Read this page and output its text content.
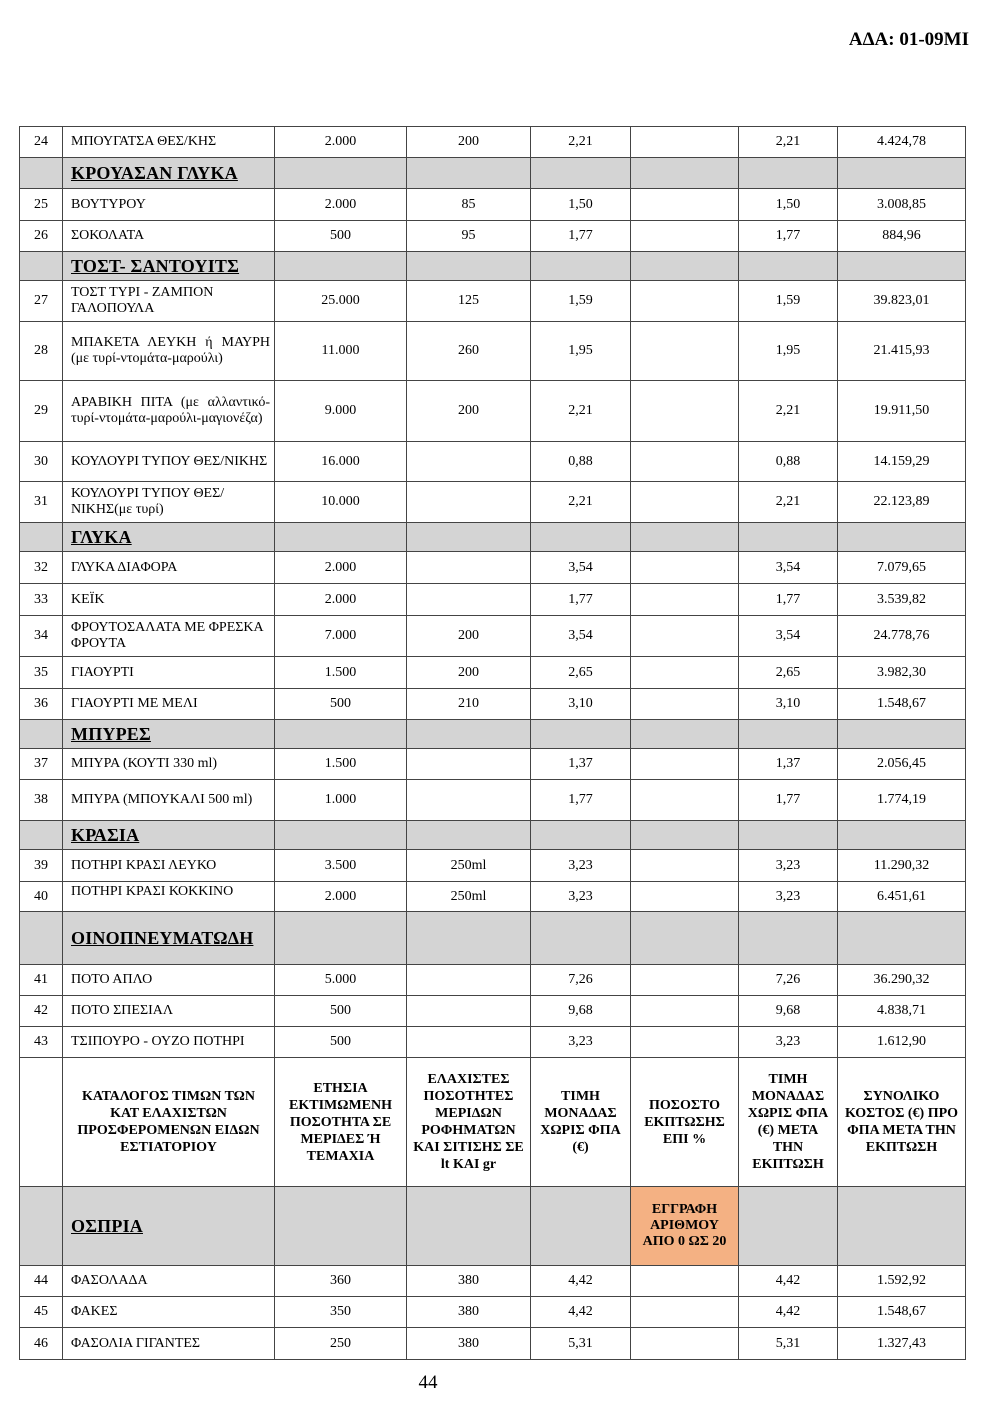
ΑΔΑ: 01-09ΜΙ
24	ΜΠΟΥΓΑΤΣΑ ΘΕΣ/ΚΗΣ	2.000	200	2,21		2,21	4.424,78
	ΚΡΟΥΑΣΑΝ ΓΛΥΚΑ						
25	ΒΟΥΤΥΡΟΥ	2.000	85	1,50		1,50	3.008,85
26	ΣΟΚΟΛΑΤΑ	500	95	1,77		1,77	884,96
	ΤΟΣΤ- ΣΑΝΤΟΥΙΤΣ						
27	ΤΟΣΤ ΤΥΡΙ - ΖΑΜΠΟΝ ΓΑΛΟΠΟΥΛΑ	25.000	125	1,59		1,59	39.823,01
28	ΜΠΑΚΕΤΑ ΛΕΥΚΗ ή ΜΑΥΡΗ (με τυρί-ντομάτα-μαρούλι)	11.000	260	1,95		1,95	21.415,93
29	ΑΡΑΒΙΚΗ ΠΙΤΑ (με αλλαντικό-τυρί-ντομάτα-μαρούλι-μαγιονέζα)	9.000	200	2,21		2,21	19.911,50
30	ΚΟΥΛΟΥΡΙ ΤΥΠΟΥ ΘΕΣ/ΝΙΚΗΣ	16.000		0,88		0,88	14.159,29
31	ΚΟΥΛΟΥΡΙ ΤΥΠΟΥ ΘΕΣ/ΝΙΚΗΣ(με τυρί)	10.000		2,21		2,21	22.123,89
	ΓΛΥΚΑ						
32	ΓΛΥΚΑ ΔΙΑΦΟΡΑ	2.000		3,54		3,54	7.079,65
33	ΚΕΪΚ	2.000		1,77		1,77	3.539,82
34	ΦΡΟΥΤΟΣΑΛΑΤΑ ΜΕ ΦΡΕΣΚΑ ΦΡΟΥΤΑ	7.000	200	3,54		3,54	24.778,76
35	ΓΙΑΟΥΡΤΙ	1.500	200	2,65		2,65	3.982,30
36	ΓΙΑΟΥΡΤΙ ΜΕ ΜΕΛΙ	500	210	3,10		3,10	1.548,67
	ΜΠΥΡΕΣ						
37	ΜΠΥΡΑ (ΚΟΥΤΙ 330 ml)	1.500		1,37		1,37	2.056,45
38	ΜΠΥΡΑ (ΜΠΟΥΚΑΛΙ 500 ml)	1.000		1,77		1,77	1.774,19
	ΚΡΑΣΙΑ						
39	ΠΟΤΗΡΙ ΚΡΑΣΙ ΛΕΥΚΟ	3.500	250ml	3,23		3,23	11.290,32
40	ΠΟΤΗΡΙ ΚΡΑΣΙ ΚΟΚΚΙΝΟ	2.000	250ml	3,23		3,23	6.451,61
	ΟΙΝΟΠΝΕΥΜΑΤΩΔΗ						
41	ΠΟΤΟ ΑΠΛΟ	5.000		7,26		7,26	36.290,32
42	ΠΟΤΟ ΣΠΕΣΙΑΛ	500		9,68		9,68	4.838,71
43	ΤΣΙΠΟΥΡΟ - ΟΥΖΟ ΠΟΤΗΡΙ	500		3,23		3,23	1.612,90
	ΚΑΤΑΛΟΓΟΣ ΤΙΜΩΝ ΤΩΝ ΚΑΤ ΕΛΑΧΙΣΤΩΝ ΠΡΟΣΦΕΡΟΜΕΝΩΝ ΕΙΔΩΝ ΕΣΤΙΑΤΟΡΙΟΥ	ΕΤΗΣΙΑ ΕΚΤΙΜΩΜΕΝΗ ΠΟΣΟΤΗΤΑ ΣΕ ΜΕΡΙΔΕΣ Ή ΤΕΜΑΧΙΑ	ΕΛΑΧΙΣΤΕΣ ΠΟΣΟΤΗΤΕΣ ΜΕΡΙΔΩΝ ΡΟΦΗΜΑΤΩΝ ΚΑΙ ΣΙΤΙΣΗΣ ΣΕ lt ΚΑΙ gr	ΤΙΜΗ ΜΟΝΑΔΑΣ ΧΩΡΙΣ ΦΠΑ (€)	ΠΟΣΟΣΤΟ ΕΚΠΤΩΣΗΣ ΕΠΙ %	ΤΙΜΗ ΜΟΝΑΔΑΣ ΧΩΡΙΣ ΦΠΑ (€) ΜΕΤΑ ΤΗΝ ΕΚΠΤΩΣΗ	ΣΥΝΟΛΙΚΟ ΚΟΣΤΟΣ (€) ΠΡΟ ΦΠΑ ΜΕΤΑ ΤΗΝ ΕΚΠΤΩΣΗ
	ΟΣΠΡΙΑ				ΕΓΓΡΑΦΗ ΑΡΙΘΜΟΥ ΑΠΟ 0 ΩΣ 20		
44	ΦΑΣΟΛΑΔΑ	360	380	4,42		4,42	1.592,92
45	ΦΑΚΕΣ	350	380	4,42		4,42	1.548,67
46	ΦΑΣΟΛΙΑ ΓΙΓΑΝΤΕΣ	250	380	5,31		5,31	1.327,43
44
